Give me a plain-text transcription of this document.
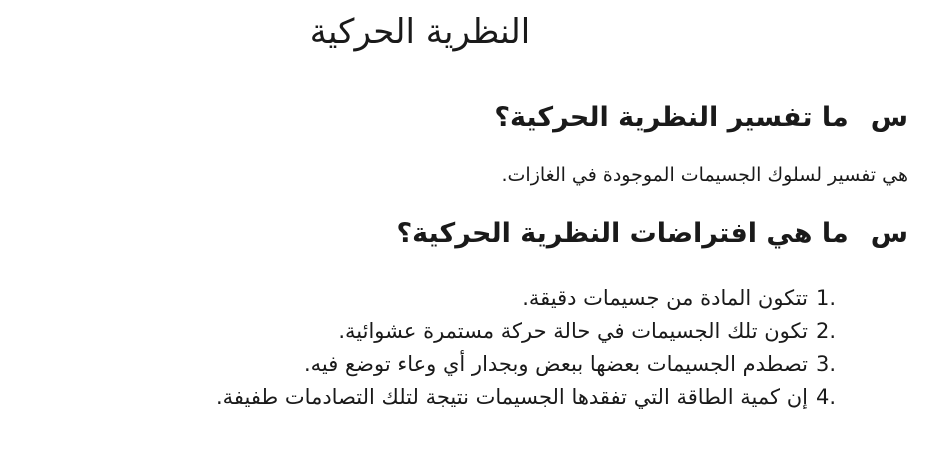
النظرية الحركية

سما تفسير النظرية الحركية؟

هي تفسير لسلوك الجسيمات الموجودة في الغازات.

سما هي افتراضات النظرية الحركية؟

1.تتكون المادة من جسيمات دقيقة.
2.تكون تلك الجسيمات في حالة حركة مستمرة عشوائية.
3.تصطدم الجسيمات بعضها ببعض وبجدار أي وعاء توضع فيه.
4.إن كمية الطاقة التي تفقدها الجسيمات نتيجة لتلك التصادمات طفيفة.
